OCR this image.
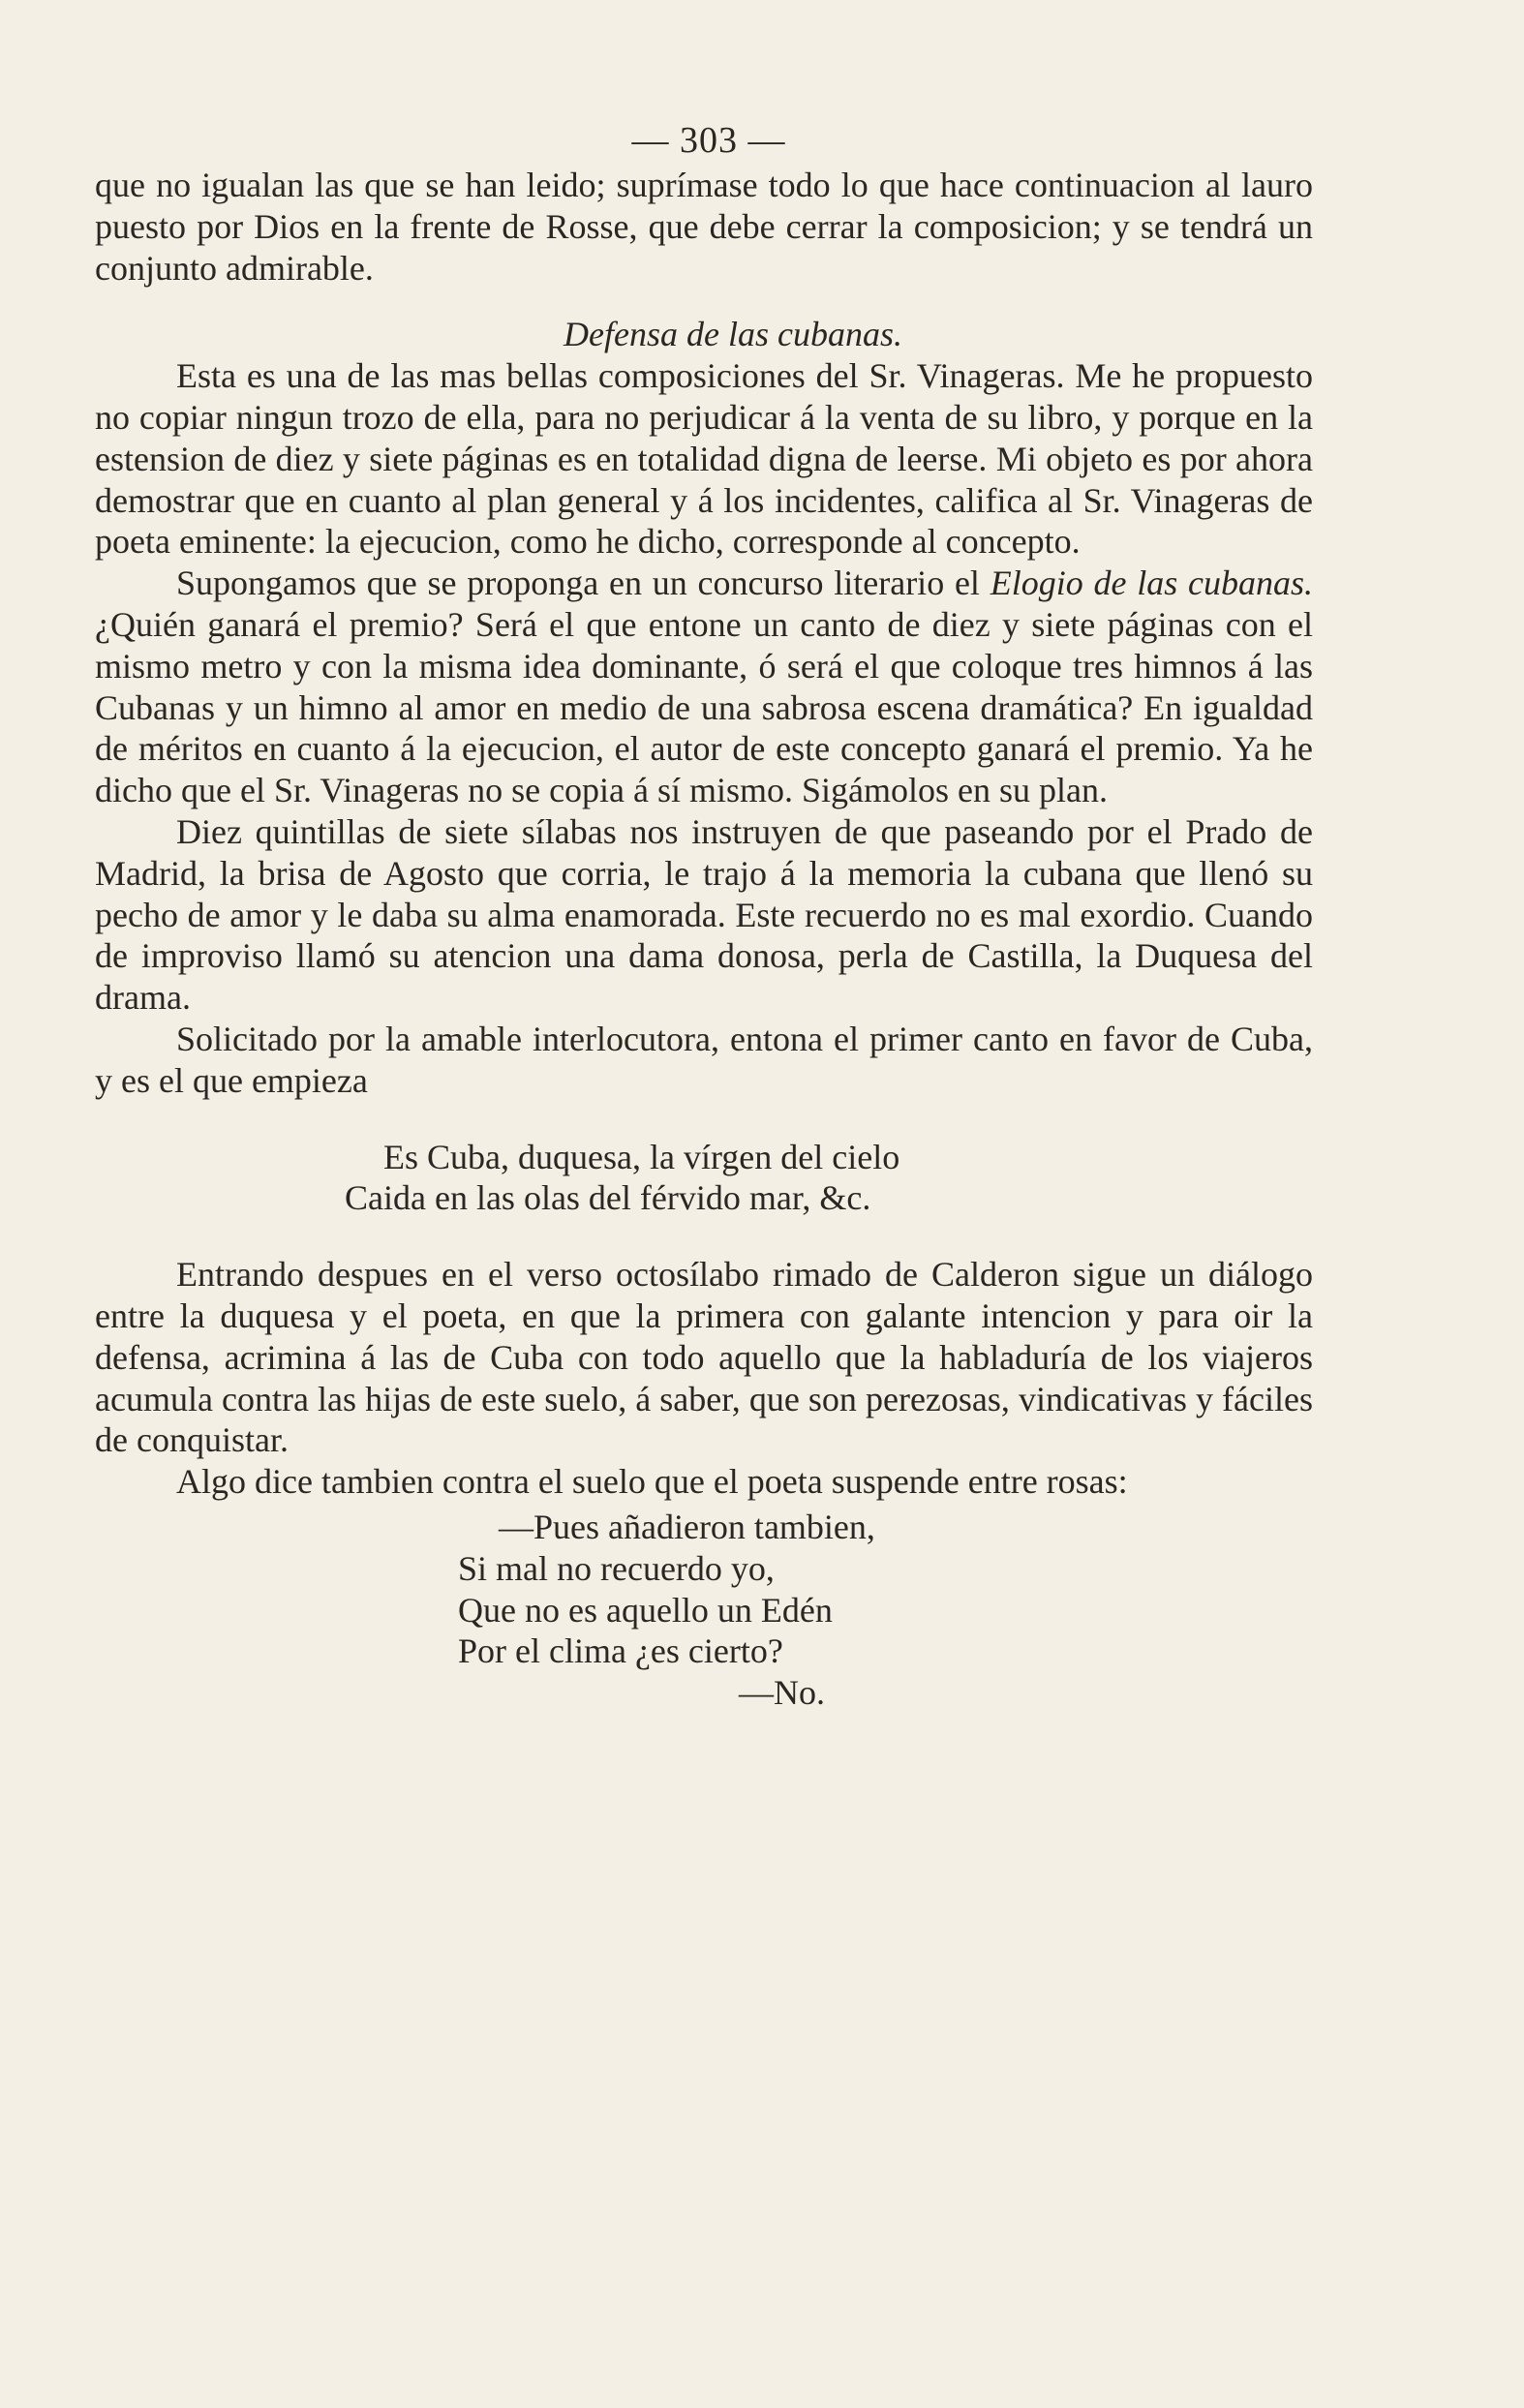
— 303 —

que no igualan las que se han leido; suprímase todo lo que hace continuacion al lauro puesto por Dios en la frente de Rosse, que debe cerrar la composicion; y se tendrá un conjunto admirable.

Defensa de las cubanas.

Esta es una de las mas bellas composiciones del Sr. Vinageras. Me he propuesto no copiar ningun trozo de ella, para no perjudicar á la venta de su libro, y porque en la estension de diez y siete páginas es en totalidad digna de leerse. Mi objeto es por ahora demostrar que en cuanto al plan general y á los incidentes, califica al Sr. Vinageras de poeta eminente: la ejecucion, como he dicho, corresponde al concepto.

Supongamos que se proponga en un concurso literario el Elogio de las cubanas. ¿Quién ganará el premio? Será el que entone un canto de diez y siete páginas con el mismo metro y con la misma idea dominante, ó será el que coloque tres himnos á las Cubanas y un himno al amor en medio de una sabrosa escena dramática? En igualdad de méritos en cuanto á la ejecucion, el autor de este concepto ganará el premio. Ya he dicho que el Sr. Vinageras no se copia á sí mismo. Sigámolos en su plan.

Diez quintillas de siete sílabas nos instruyen de que paseando por el Prado de Madrid, la brisa de Agosto que corria, le trajo á la memoria la cubana que llenó su pecho de amor y le daba su alma enamorada. Este recuerdo no es mal exordio. Cuando de improviso llamó su atencion una dama donosa, perla de Castilla, la Duquesa del drama.

Solicitado por la amable interlocutora, entona el primer canto en favor de Cuba, y es el que empieza

Es Cuba, duquesa, la vírgen del cielo

Caida en las olas del férvido mar, &c.

Entrando despues en el verso octosílabo rimado de Calderon sigue un diálogo entre la duquesa y el poeta, en que la primera con galante intencion y para oir la defensa, acrimina á las de Cuba con todo aquello que la habladuría de los viajeros acumula contra las hijas de este suelo, á saber, que son perezosas, vindicativas y fáciles de conquistar.

Algo dice tambien contra el suelo que el poeta suspende entre rosas:

—Pues añadieron tambien,

Si mal no recuerdo yo,

Que no es aquello un Edén

Por el clima ¿es cierto?

—No.
